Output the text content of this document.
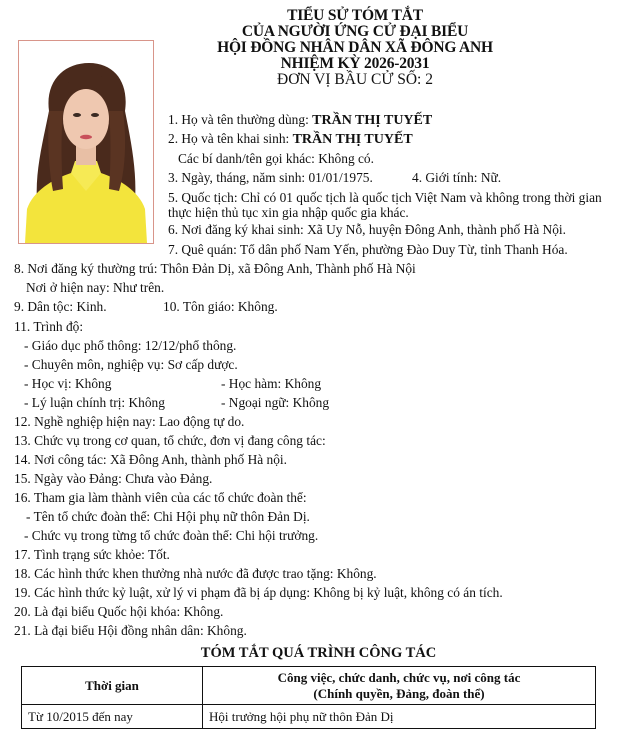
TIỂU SỬ TÓM TẮT
CỦA NGƯỜI ỨNG CỬ ĐẠI BIỂU
HỘI ĐỒNG NHÂN DÂN XÃ ĐÔNG ANH
NHIỆM KỲ 2026-2031
ĐƠN VỊ BẦU CỬ SỐ: 2
1. Họ và tên thường dùng: TRẦN THỊ TUYẾT
2. Họ và tên khai sinh: TRẦN THỊ TUYẾT
Các bí danh/tên gọi khác: Không có.
3. Ngày, tháng, năm sinh: 01/01/1975.	4. Giới tính: Nữ.
5. Quốc tịch: Chỉ có 01 quốc tịch là quốc tịch Việt Nam và không trong thời gian
thực hiện thủ tục xin gia nhập quốc gia khác.
6. Nơi đăng ký khai sinh: Xã Uy Nỗ, huyện Đông Anh, thành phố Hà Nội.
7. Quê quán: Tổ dân phố Nam Yến, phường Đào Duy Từ, tỉnh Thanh Hóa.
8. Nơi đăng ký thường trú: Thôn Đản Dị, xã Đông Anh, Thành phố Hà Nội
Nơi ở hiện nay: Như trên.
9. Dân tộc: Kinh.	10. Tôn giáo: Không.
11. Trình độ:
- Giáo dục phổ thông: 12/12/phổ thông.
- Chuyên môn, nghiệp vụ: Sơ cấp dược.
- Học vị: Không	- Học hàm: Không
- Lý luận chính trị: Không	- Ngoại ngữ: Không
12. Nghề nghiệp hiện nay: Lao động tự do.
13. Chức vụ trong cơ quan, tổ chức, đơn vị đang công tác:
14. Nơi công tác: Xã Đông Anh, thành phố Hà nội.
15. Ngày vào Đảng: Chưa vào Đảng.
16. Tham gia làm thành viên của các tổ chức đoàn thể:
- Tên tổ chức đoàn thể: Chi Hội phụ nữ thôn Đản Dị.
- Chức vụ trong từng tổ chức đoàn thể: Chi hội trưởng.
17. Tình trạng sức khỏe: Tốt.
18. Các hình thức khen thưởng nhà nước đã được trao tặng: Không.
19. Các hình thức kỷ luật, xử lý vi phạm đã bị áp dụng: Không bị kỷ luật, không có án tích.
20. Là đại biểu Quốc hội khóa: Không.
21. Là đại biểu Hội đồng nhân dân: Không.
TÓM TẮT QUÁ TRÌNH CÔNG TÁC
Thời gian	Công việc, chức danh, chức vụ, nơi công tác
(Chính quyền, Đảng, đoàn thể)

Từ 10/2015 đến nay	Hội trưởng hội phụ nữ thôn Đản Dị
